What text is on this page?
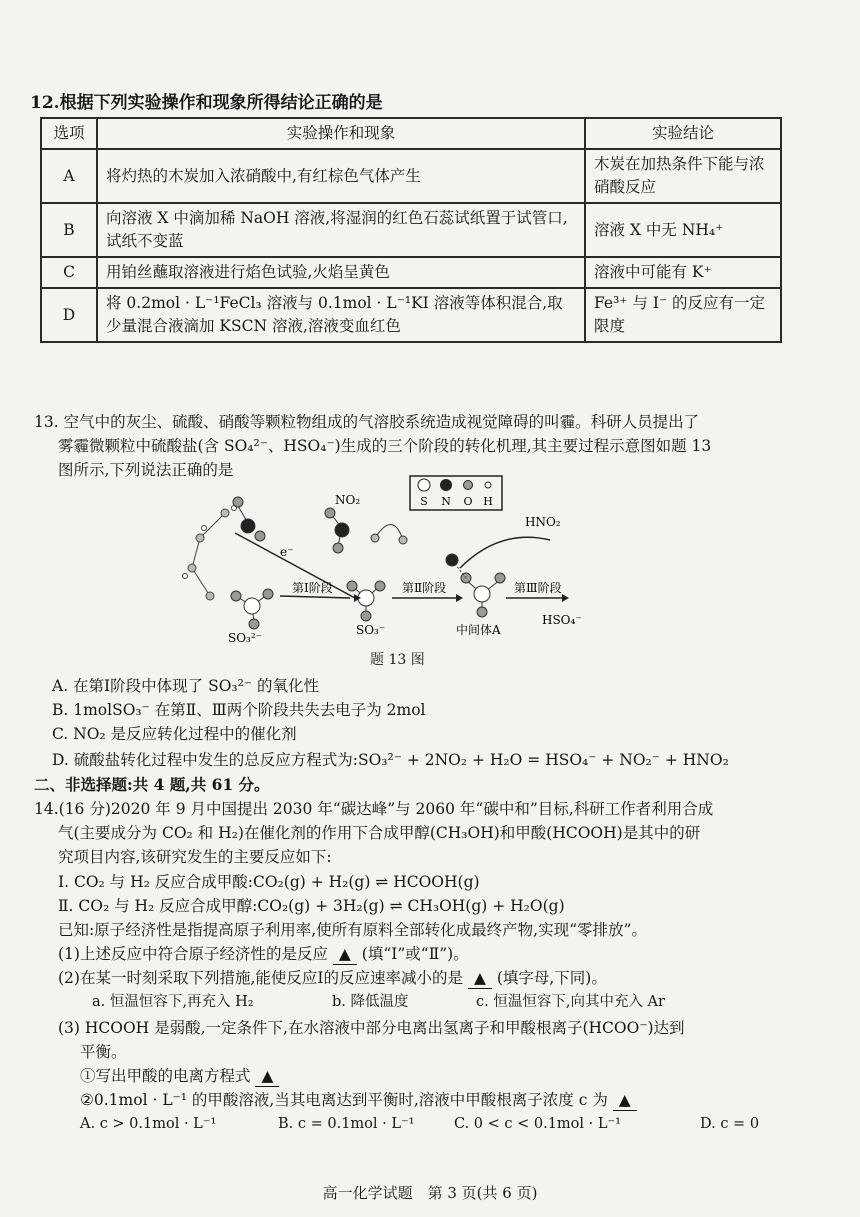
12.根据下列实验操作和现象所得结论正确的是
选项	实验操作和现象	实验结论
A	将灼热的木炭加入浓硝酸中,有红棕色气体产生	木炭在加热条件下能与浓硝酸反应
B	向溶液 X 中滴加稀 NaOH 溶液,将湿润的红色石蕊试纸置于试管口,试纸不变蓝	溶液 X 中无 NH₄⁺
C	用铂丝蘸取溶液进行焰色试验,火焰呈黄色	溶液中可能有 K⁺
D	将 0.2mol · L⁻¹FeCl₃ 溶液与 0.1mol · L⁻¹KI 溶液等体积混合,取少量混合液滴加 KSCN 溶液,溶液变血红色	Fe³⁺ 与 I⁻ 的反应有一定限度
13. 空气中的灰尘、硫酸、硝酸等颗粒物组成的气溶胶系统造成视觉障碍的叫霾。科研人员提出了
雾霾微颗粒中硫酸盐(含 SO₄²⁻、HSO₄⁻)生成的三个阶段的转化机理,其主要过程示意图如题 13
图所示,下列说法正确的是
S N O H
NO₂
HNO₂
第Ⅰ阶段	第Ⅱ阶段	第Ⅲ阶段
e⁻
SO₃²⁻
SO₃⁻	中间体A
HSO₄⁻
题 13 图
A. 在第Ⅰ阶段中体现了 SO₃²⁻ 的氧化性
B. 1molSO₃⁻ 在第Ⅱ、Ⅲ两个阶段共失去电子为 2mol
C. NO₂ 是反应转化过程中的催化剂
D. 硫酸盐转化过程中发生的总反应方程式为:SO₃²⁻ + 2NO₂ + H₂O = HSO₄⁻ + NO₂⁻ + HNO₂
二、非选择题:共 4 题,共 61 分。
14.(16 分)2020 年 9 月中国提出 2030 年“碳达峰”与 2060 年“碳中和”目标,科研工作者利用合成
气(主要成分为 CO₂ 和 H₂)在催化剂的作用下合成甲醇(CH₃OH)和甲酸(HCOOH)是其中的研
究项目内容,该研究发生的主要反应如下:
Ⅰ. CO₂ 与 H₂ 反应合成甲酸:CO₂(g) + H₂(g) ⇌ HCOOH(g)
Ⅱ. CO₂ 与 H₂ 反应合成甲醇:CO₂(g) + 3H₂(g) ⇌ CH₃OH(g) + H₂O(g)
已知:原子经济性是指提高原子利用率,使所有原料全部转化成最终产物,实现“零排放”。
(1)上述反应中符合原子经济性的是反应 ▲ (填“Ⅰ”或“Ⅱ”)。
(2)在某一时刻采取下列措施,能使反应Ⅰ的反应速率减小的是 ▲ (填字母,下同)。
a. 恒温恒容下,再充入 H₂	b. 降低温度	c. 恒温恒容下,向其中充入 Ar
(3) HCOOH 是弱酸,一定条件下,在水溶液中部分电离出氢离子和甲酸根离子(HCOO⁻)达到
平衡。
①写出甲酸的电离方程式 ▲
②0.1mol · L⁻¹ 的甲酸溶液,当其电离达到平衡时,溶液中甲酸根离子浓度 c 为 ▲
A. c > 0.1mol · L⁻¹	B. c = 0.1mol · L⁻¹	C. 0 < c < 0.1mol · L⁻¹	D. c = 0
高一化学试题　第 3 页(共 6 页)
